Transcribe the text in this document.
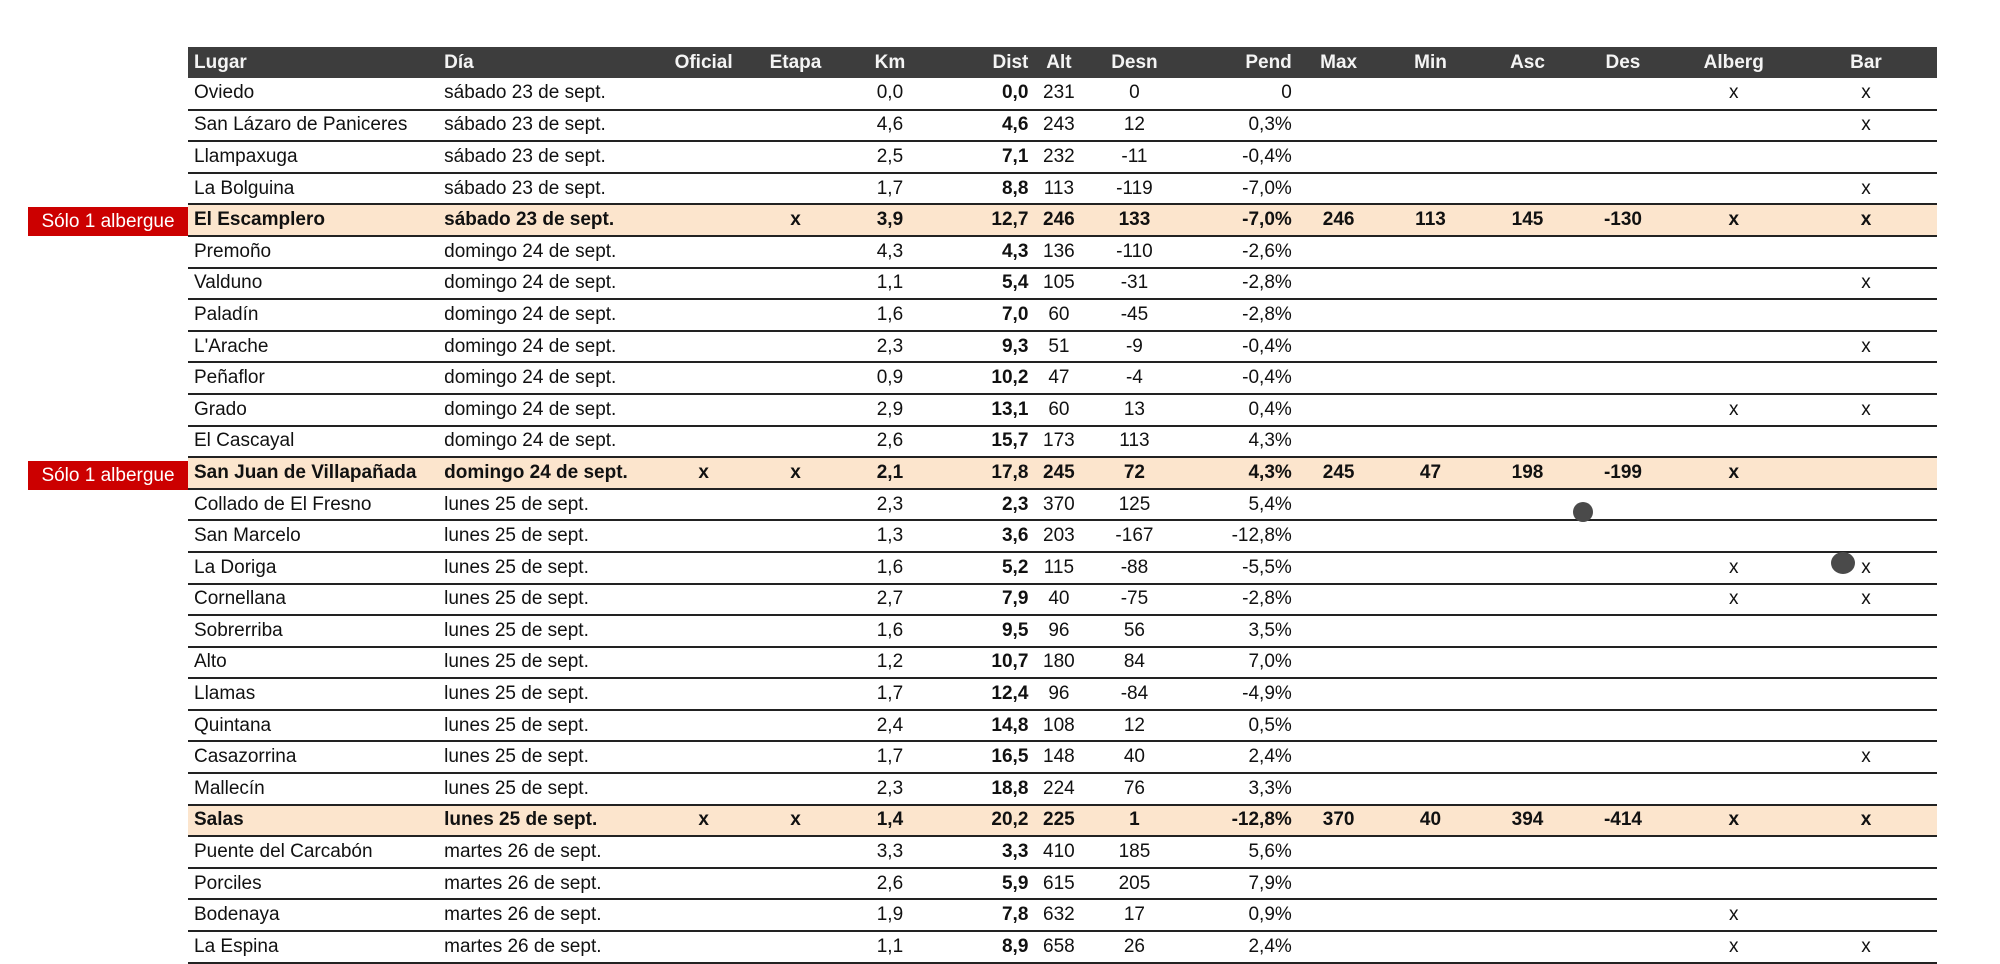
Lugar	Día	Oficial	Etapa	Km	Dist	Alt	Desn	Pend	Max	Min	Asc	Des	Alberg	Bar
Oviedo	sábado 23 de sept.			0,0	0,0	231	0	0					x	x
San Lázaro de Paniceres	sábado 23 de sept.			4,6	4,6	243	12	0,3%						x
Llampaxuga	sábado 23 de sept.			2,5	7,1	232	-11	-0,4%						
La Bolguina	sábado 23 de sept.			1,7	8,8	113	-119	-7,0%						x
El Escamplero	sábado 23 de sept.		x	3,9	12,7	246	133	-7,0%	246	113	145	-130	x	x
Premoño	domingo 24 de sept.			4,3	4,3	136	-110	-2,6%						
Valduno	domingo 24 de sept.			1,1	5,4	105	-31	-2,8%						x
Paladín	domingo 24 de sept.			1,6	7,0	60	-45	-2,8%						
L'Arache	domingo 24 de sept.			2,3	9,3	51	-9	-0,4%						x
Peñaflor	domingo 24 de sept.			0,9	10,2	47	-4	-0,4%						
Grado	domingo 24 de sept.			2,9	13,1	60	13	0,4%					x	x
El Cascayal	domingo 24 de sept.			2,6	15,7	173	113	4,3%						
San Juan de Villapañada	domingo 24 de sept.	x	x	2,1	17,8	245	72	4,3%	245	47	198	-199	x	
Collado de El Fresno	lunes 25 de sept.			2,3	2,3	370	125	5,4%						
San Marcelo	lunes 25 de sept.			1,3	3,6	203	-167	-12,8%						
La Doriga	lunes 25 de sept.			1,6	5,2	115	-88	-5,5%					x	x
Cornellana	lunes 25 de sept.			2,7	7,9	40	-75	-2,8%					x	x
Sobrerriba	lunes 25 de sept.			1,6	9,5	96	56	3,5%						
Alto	lunes 25 de sept.			1,2	10,7	180	84	7,0%						
Llamas	lunes 25 de sept.			1,7	12,4	96	-84	-4,9%						
Quintana	lunes 25 de sept.			2,4	14,8	108	12	0,5%						
Casazorrina	lunes 25 de sept.			1,7	16,5	148	40	2,4%						x
Mallecín	lunes 25 de sept.			2,3	18,8	224	76	3,3%						
Salas	lunes 25 de sept.	x	x	1,4	20,2	225	1	-12,8%	370	40	394	-414	x	x
Puente del Carcabón	martes 26 de sept.			3,3	3,3	410	185	5,6%						
Porciles	martes 26 de sept.			2,6	5,9	615	205	7,9%						
Bodenaya	martes 26 de sept.			1,9	7,8	632	17	0,9%					x	
La Espina	martes 26 de sept.			1,1	8,9	658	26	2,4%					x	x
Sólo 1 albergue
Sólo 1 albergue
